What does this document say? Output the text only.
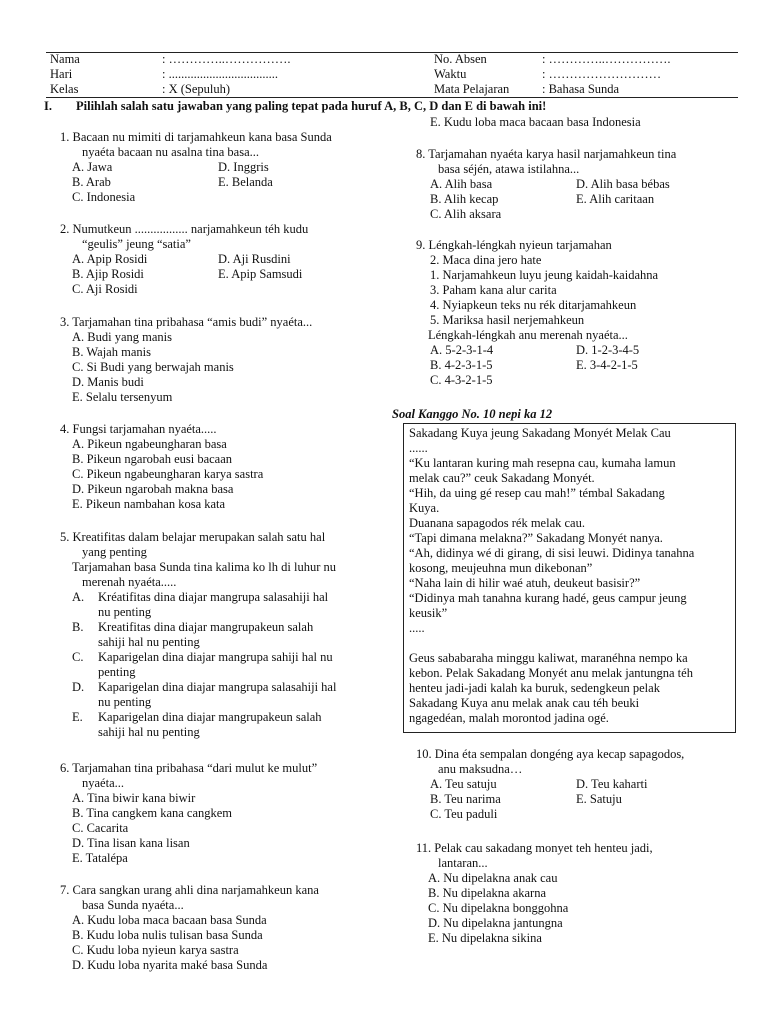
Nama	: …………..…………….	No. Absen	: …………..…………….
Hari	: ...................................	Waktu	: ………………………
Kelas	: X (Sepuluh)	Mata Pelajaran	: Bahasa Sunda
I. Pilihlah salah satu jawaban yang paling tepat pada huruf A, B, C, D dan E di bawah ini!
1. Bacaan nu mimiti di tarjamahkeun kana basa Sunda
nyaéta bacaan nu asalna tina basa...
A. Jawa	D. Inggris
B. Arab	E. Belanda
C. Indonesia
2. Numutkeun ................. narjamahkeun téh kudu
“geulis” jeung “satia”
A. Apip Rosidi	D. Aji Rusdini
B. Ajip Rosidi	E. Apip Samsudi
C. Aji Rosidi
3. Tarjamahan tina pribahasa “amis budi” nyaéta...
A. Budi yang manis
B. Wajah manis
C. Si Budi yang berwajah manis
D. Manis budi
E. Selalu tersenyum
4. Fungsi tarjamahan nyaéta.....
A. Pikeun ngabeungharan basa
B. Pikeun ngarobah eusi bacaan
C. Pikeun ngabeungharan karya sastra
D. Pikeun ngarobah makna basa
E. Pikeun nambahan kosa kata
5. Kreatifitas dalam belajar merupakan salah satu hal
yang penting
Tarjamahan basa Sunda tina kalima ko lh di luhur nu
merenah nyaéta.....
A.	Kréatifitas dina diajar mangrupa salasahiji hal
nu penting
B.	Kreatifitas dina diajar mangrupakeun salah
sahiji hal nu penting
C.	Kaparigelan dina diajar mangrupa sahiji hal nu
penting
D.	Kaparigelan dina diajar mangrupa salasahiji hal
nu penting
E.	Kaparigelan dina diajar mangrupakeun salah
sahiji hal nu penting
6. Tarjamahan tina pribahasa “dari mulut ke mulut”
nyaéta...
A. Tina biwir kana biwir
B. Tina cangkem kana cangkem
C. Cacarita
D. Tina lisan kana lisan
E. Tatalépa
7. Cara sangkan urang ahli dina narjamahkeun kana
basa Sunda nyaéta...
A. Kudu loba maca bacaan basa Sunda
B. Kudu loba nulis tulisan basa Sunda
C. Kudu loba nyieun karya sastra
D. Kudu loba nyarita maké basa Sunda
E. Kudu loba maca bacaan basa Indonesia
8. Tarjamahan nyaéta karya hasil narjamahkeun tina
basa séjén, atawa istilahna...
A. Alih basa	D. Alih basa bébas
B. Alih kecap	E. Alih caritaan
C. Alih aksara
9. Léngkah-léngkah nyieun tarjamahan
2. Maca dina jero hate
1. Narjamahkeun luyu jeung kaidah-kaidahna
3. Paham kana alur carita
4. Nyiapkeun teks nu rék ditarjamahkeun
5. Mariksa hasil nerjemahkeun
Léngkah-léngkah anu merenah nyaéta...
A. 5-2-3-1-4	D. 1-2-3-4-5
B. 4-2-3-1-5	E. 3-4-2-1-5
C. 4-3-2-1-5
Soal Kanggo No. 10 nepi ka 12
Sakadang Kuya jeung Sakadang Monyét Melak Cau
......
“Ku lantaran kuring mah resepna cau, kumaha lamun
melak cau?” ceuk Sakadang Monyét.
“Hih, da uing gé resep cau mah!” témbal Sakadang
Kuya.
Duanana sapagodos rék melak cau.
“Tapi dimana melakna?” Sakadang Monyét nanya.
“Ah, didinya wé di girang, di sisi leuwi. Didinya tanahna
kosong, meujeuhna mun dikebonan”
“Naha lain di hilir waé atuh, deukeut basisir?”
“Didinya mah tanahna kurang hadé, geus campur jeung
keusik”
.....
Geus sababaraha minggu kaliwat, maranéhna nempo ka
kebon. Pelak Sakadang Monyét anu melak jantungna téh
henteu jadi-jadi kalah ka buruk, sedengkeun pelak
Sakadang Kuya anu melak anak cau téh beuki
ngagedéan, malah morontod jadina ogé.
10. Dina éta sempalan dongéng aya kecap sapagodos,
anu maksudna…
A. Teu satuju	D. Teu kaharti
B. Teu narima	E. Satuju
C. Teu paduli
11. Pelak cau sakadang monyet teh henteu jadi,
lantaran...
A. Nu dipelakna anak cau
B. Nu dipelakna akarna
C. Nu dipelakna bonggohna
D. Nu dipelakna jantungna
E. Nu dipelakna sikina
